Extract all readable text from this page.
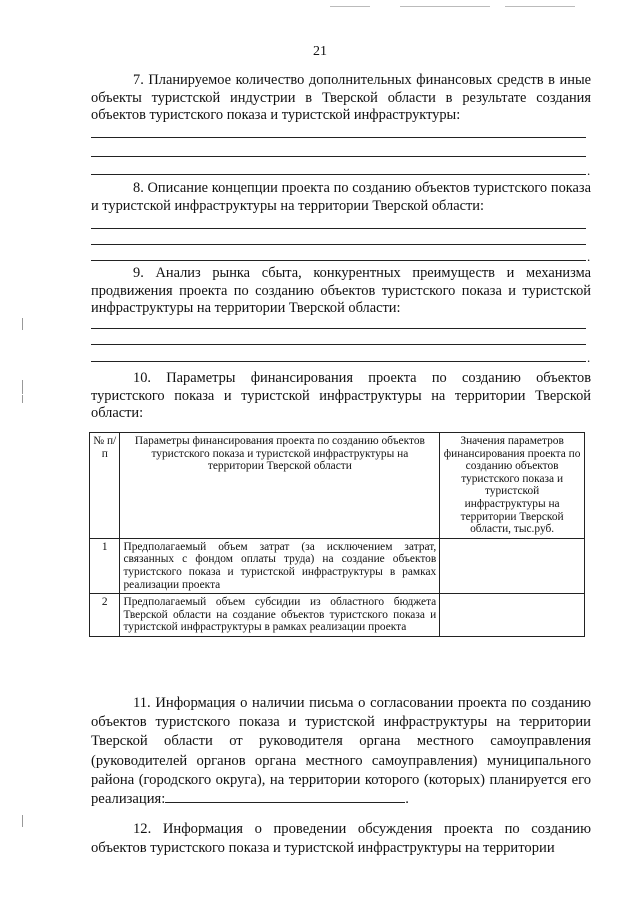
21

7. Планируемое количество дополнительных финансовых средств в иные объекты туристской индустрии в Тверской области в результате создания объектов туристского показа и туристской инфраструктуры:

.

8. Описание концепции проекта по созданию объектов туристского показа и туристской инфраструктуры на территории Тверской области:

.

9. Анализ рынка сбыта, конкурентных преимуществ и механизма продвижения проекта по созданию объектов туристского показа и туристской инфраструктуры на территории Тверской области:

.

10. Параметры финансирования проекта по созданию объектов туристского показа и туристской инфраструктуры на территории Тверской области:

№ п/п	Параметры финансирования проекта по созданию объектов туристского показа и туристской инфраструктуры на территории Тверской области	Значения параметров финансирования проекта по созданию объектов туристского показа и туристской инфраструктуры на территории Тверской области, тыс.руб.
1	Предполагаемый объем затрат (за исключением затрат, связанных с фондом оплаты труда) на создание объектов туристского показа и туристской инфраструктуры в рамках реализации проекта	
2	Предполагаемый объем субсидии из областного бюджета Тверской области на создание объектов туристского показа и туристской инфраструктуры в рамках реализации проекта	

11. Информация о наличии письма о согласовании проекта по созданию объектов туристского показа и туристской инфраструктуры на территории Тверской области от руководителя органа местного самоуправления (руководителей органов органа местного самоуправления) муниципального района (городского округа), на территории которого (которых) планируется его реализация:	.

12. Информация о проведении обсуждения проекта по созданию объектов туристского показа и туристской инфраструктуры на территории
